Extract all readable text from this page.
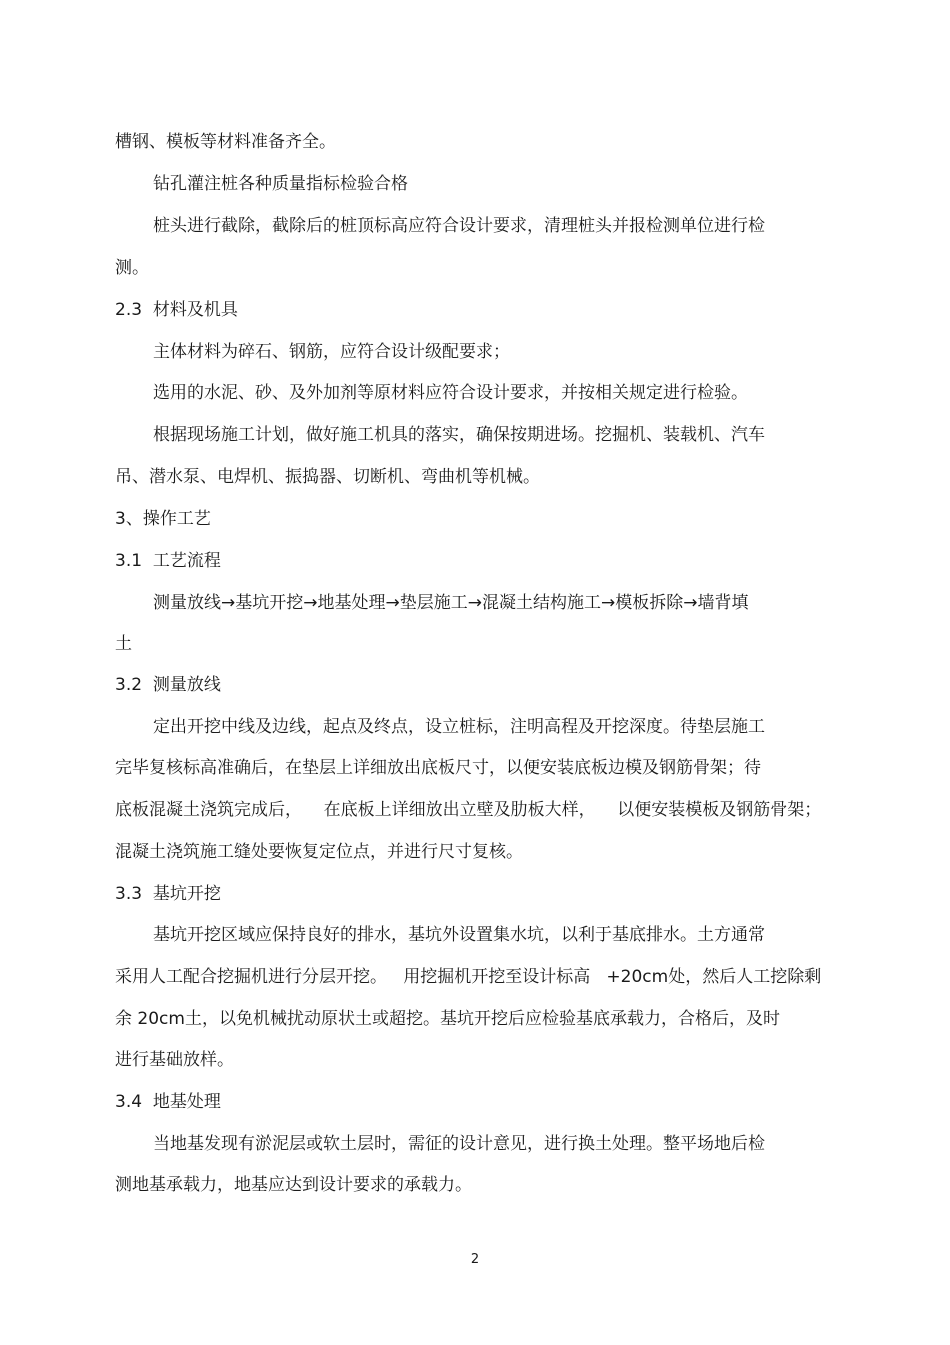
槽钢、模板等材料准备齐全。

钻孔灌注桩各种质量指标检验合格

桩头进行截除，截除后的桩顶标高应符合设计要求，清理桩头并报检测单位进行检

测。

2.3  材料及机具

主体材料为碎石、钢筋，应符合设计级配要求；

选用的水泥、砂、及外加剂等原材料应符合设计要求，并按相关规定进行检验。

根据现场施工计划，做好施工机具的落实，确保按期进场。挖掘机、装载机、汽车

吊、潜水泵、电焊机、振捣器、切断机、弯曲机等机械。

3、操作工艺

3.1  工艺流程

测量放线→基坑开挖→地基处理→垫层施工→混凝土结构施工→模板拆除→墙背填

土

3.2  测量放线

定出开挖中线及边线，起点及终点，设立桩标，注明高程及开挖深度。待垫层施工

完毕复核标高准确后，在垫层上详细放出底板尺寸，以便安装底板边模及钢筋骨架；待

底板混凝土浇筑完成后，    在底板上详细放出立壁及肋板大样，    以便安装模板及钢筋骨架；

混凝土浇筑施工缝处要恢复定位点，并进行尺寸复核。

3.3  基坑开挖

基坑开挖区域应保持良好的排水，基坑外设置集水坑，以利于基底排水。土方通常

采用人工配合挖掘机进行分层开挖。   用挖掘机开挖至设计标高   +20cm处，然后人工挖除剩

余 20cm土，以免机械扰动原状土或超挖。基坑开挖后应检验基底承载力，合格后，及时

进行基础放样。

3.4  地基处理

当地基发现有淤泥层或软土层时，需征的设计意见，进行换土处理。整平场地后检

测地基承载力，地基应达到设计要求的承载力。

2
